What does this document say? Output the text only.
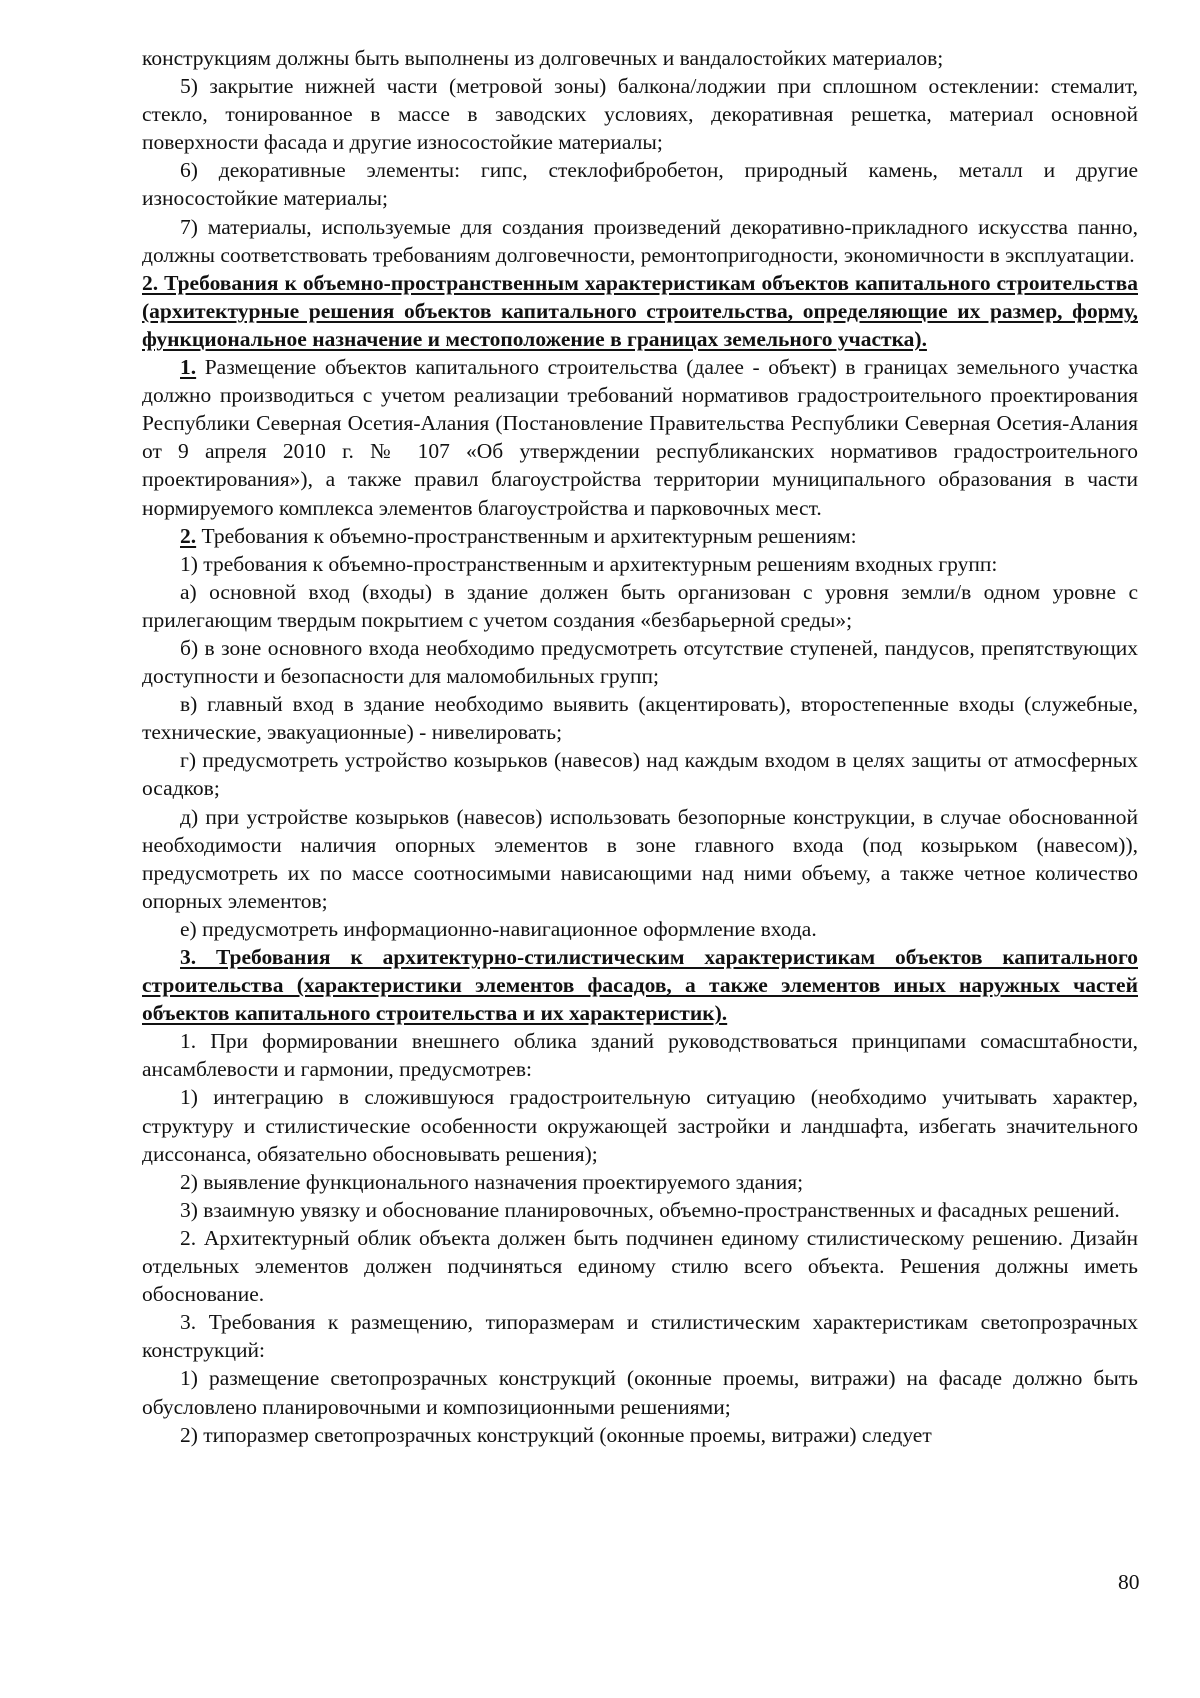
конструкциям должны быть выполнены из долговечных и вандалостойких материалов;

5) закрытие нижней части (метровой зоны) балкона/лоджии при сплошном остеклении: стемалит, стекло, тонированное в массе в заводских условиях, декоративная решетка, материал основной поверхности фасада и другие износостойкие материалы;

6) декоративные элементы: гипс, стеклофибробетон, природный камень, металл и другие износостойкие материалы;

7) материалы, используемые для создания произведений декоративно-прикладного искусства панно, должны соответствовать требованиям долговечности, ремонтопригодности, экономичности в эксплуатации.

2. Требования к объемно-пространственным характеристикам объектов капитального строительства (архитектурные решения объектов капитального строительства, определяющие их размер, форму, функциональное назначение и местоположение в границах земельного участка).

1. Размещение объектов капитального строительства (далее - объект) в границах земельного участка должно производиться с учетом реализации требований нормативов градостроительного проектирования Республики Северная Осетия-Алания (Постановление Правительства Республики Северная Осетия-Алания от 9 апреля 2010 г. № 107 «Об утверждении республиканских нормативов градостроительного проектирования»), а также правил благоустройства территории муниципального образования в части нормируемого комплекса элементов благоустройства и парковочных мест.

2. Требования к объемно-пространственным и архитектурным решениям:

1) требования к объемно-пространственным и архитектурным решениям входных групп:

а) основной вход (входы) в здание должен быть организован с уровня земли/в одном уровне с прилегающим твердым покрытием с учетом создания «безбарьерной среды»;

б) в зоне основного входа необходимо предусмотреть отсутствие ступеней, пандусов, препятствующих доступности и безопасности для маломобильных групп;

в) главный вход в здание необходимо выявить (акцентировать), второстепенные входы (служебные, технические, эвакуационные) - нивелировать;

г) предусмотреть устройство козырьков (навесов) над каждым входом в целях защиты от атмосферных осадков;

д) при устройстве козырьков (навесов) использовать безопорные конструкции, в случае обоснованной необходимости наличия опорных элементов в зоне главного входа (под козырьком (навесом)), предусмотреть их по массе соотносимыми нависающими над ними объему, а также четное количество опорных элементов;

е) предусмотреть информационно-навигационное оформление входа.

3. Требования к архитектурно-стилистическим характеристикам объектов капитального строительства (характеристики элементов фасадов, а также элементов иных наружных частей объектов капитального строительства и их характеристик).

1. При формировании внешнего облика зданий руководствоваться принципами сомасштабности, ансамблевости и гармонии, предусмотрев:

1) интеграцию в сложившуюся градостроительную ситуацию (необходимо учитывать характер, структуру и стилистические особенности окружающей застройки и ландшафта, избегать значительного диссонанса, обязательно обосновывать решения);

2) выявление функционального назначения проектируемого здания;

3) взаимную увязку и обоснование планировочных, объемно-пространственных и фасадных решений.

2. Архитектурный облик объекта должен быть подчинен единому стилистическому решению. Дизайн отдельных элементов должен подчиняться единому стилю всего объекта. Решения должны иметь обоснование.

3. Требования к размещению, типоразмерам и стилистическим характеристикам светопрозрачных конструкций:

1) размещение светопрозрачных конструкций (оконные проемы, витражи) на фасаде должно быть обусловлено планировочными и композиционными решениями;

2) типоразмер светопрозрачных конструкций (оконные проемы, витражи) следует

80
